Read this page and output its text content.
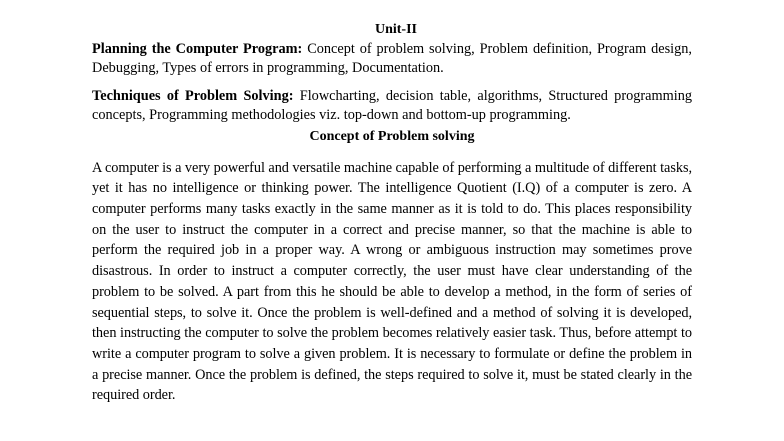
Unit-II

Planning the Computer Program: Concept of problem solving, Problem definition, Program design, Debugging, Types of errors in programming, Documentation.

Techniques of Problem Solving: Flowcharting, decision table, algorithms, Structured programming concepts, Programming methodologies viz. top-down and bottom-up programming.

Concept of Problem solving

A computer is a very powerful and versatile machine capable of performing a multitude of different tasks, yet it has no intelligence or thinking power. The intelligence Quotient (I.Q) of a computer is zero. A computer performs many tasks exactly in the same manner as it is told to do. This places responsibility on the user to instruct the computer in a correct and precise manner, so that the machine is able to perform the required job in a proper way. A wrong or ambiguous instruction may sometimes prove disastrous. In order to instruct a computer correctly, the user must have clear understanding of the problem to be solved. A part from this he should be able to develop a method, in the form of series of sequential steps, to solve it. Once the problem is well-defined and a method of solving it is developed, then instructing the computer to solve the problem becomes relatively easier task. Thus, before attempt to write a computer program to solve a given problem. It is necessary to formulate or define the problem in a precise manner. Once the problem is defined, the steps required to solve it, must be stated clearly in the required order.
